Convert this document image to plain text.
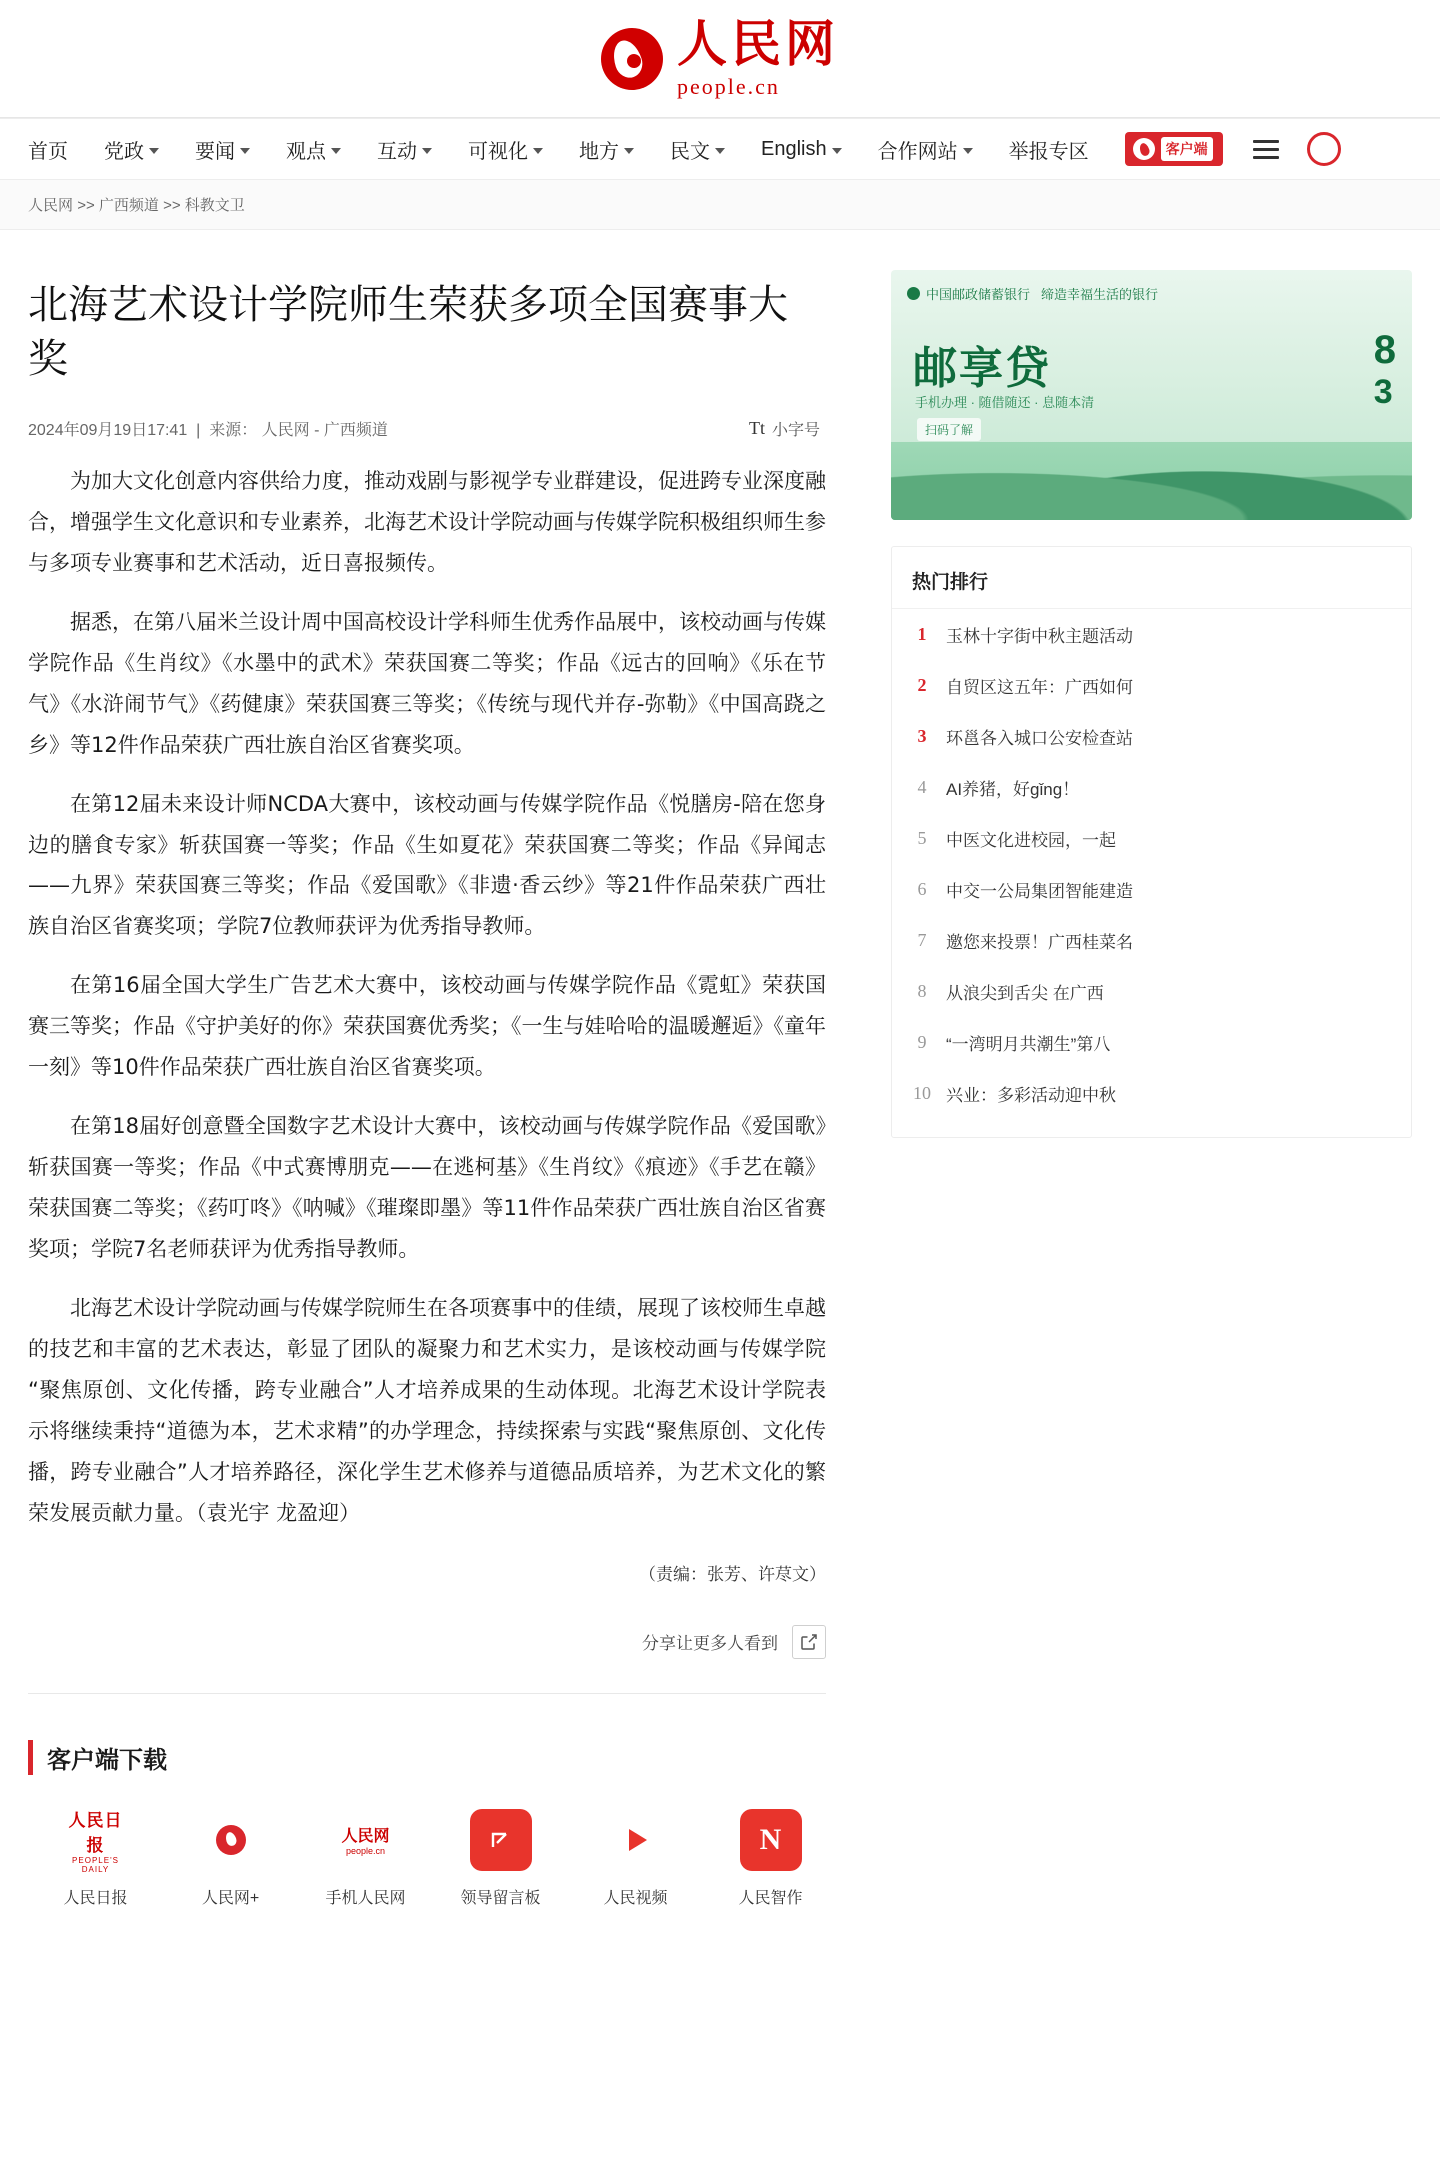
人民网
people.cn
首页 党政	要闻	观点	互动	可视化	地方	民文	English	合作网站	举报专区	客户端
人民网 >> 广西频道 >> 科教文卫
北海艺术设计学院师生荣获多项全国赛事大奖
2024年09月19日17:41  |  来源： 人民网 - 广西频道	Tt 小字号

为加大文化创意内容供给力度，推动戏剧与影视学专业群建设，促进跨专业深度融合，增强学生文化意识和专业素养，北海艺术设计学院动画与传媒学院积极组织师生参与多项专业赛事和艺术活动，近日喜报频传。

据悉，在第八届米兰设计周中国高校设计学科师生优秀作品展中，该校动画与传媒学院作品《生肖纹》《水墨中的武术》荣获国赛二等奖；作品《远古的回响》《乐在节气》《水浒闹节气》《药健康》荣获国赛三等奖；《传统与现代并存-弥勒》《中国高跷之乡》等12件作品荣获广西壮族自治区省赛奖项。

在第12届未来设计师NCDA大赛中，该校动画与传媒学院作品《悦膳房-陪在您身边的膳食专家》斩获国赛一等奖；作品《生如夏花》荣获国赛二等奖；作品《异闻志——九界》荣获国赛三等奖；作品《爱国歌》《非遗·香云纱》等21件作品荣获广西壮族自治区省赛奖项；学院7位教师获评为优秀指导教师。

在第16届全国大学生广告艺术大赛中，该校动画与传媒学院作品《霓虹》荣获国赛三等奖；作品《守护美好的你》荣获国赛优秀奖；《一生与娃哈哈的温暖邂逅》《童年一刻》等10件作品荣获广西壮族自治区省赛奖项。

在第18届好创意暨全国数字艺术设计大赛中，该校动画与传媒学院作品《爱国歌》斩获国赛一等奖；作品《中式赛博朋克——在逃柯基》《生肖纹》《痕迹》《手艺在赣》荣获国赛二等奖；《药叮咚》《呐喊》《璀璨即墨》等11件作品荣获广西壮族自治区省赛奖项；学院7名老师获评为优秀指导教师。

北海艺术设计学院动画与传媒学院师生在各项赛事中的佳绩，展现了该校师生卓越的技艺和丰富的艺术表达，彰显了团队的凝聚力和艺术实力，是该校动画与传媒学院“聚焦原创、文化传播，跨专业融合”人才培养成果的生动体现。北海艺术设计学院表示将继续秉持“道德为本，艺术求精”的办学理念，持续探索与实践“聚焦原创、文化传播，跨专业融合”人才培养路径，深化学生艺术修养与道德品质培养，为艺术文化的繁荣发展贡献力量。（袁光宇 龙盈迎）

（责编：张芳、许荩文）
分享让更多人看到
中国邮政储蓄银行 缔造幸福生活的银行
邮享贷
手机办理 · 随借随还 · 息随本清
8
3
扫码了解
热门排行
1	玉林十字街中秋主题活动
2	自贸区这五年：广西如何
3	环邕各入城口公安检查站
4	AI养猪，好gǐng！
5	中医文化进校园，一起
6	中交一公局集团智能建造
7	邀您来投票！广西桂菜名
8	从浪尖到舌尖 在广西
9	“一湾明月共潮生”第八
10 兴业：多彩活动迎中秋
客户端下载
人民日报
PEOPLE'S DAILY
人民日报	人民网+
人民网
people.cn
手机人民网	领导留言板	人民视频
N
人民智作
